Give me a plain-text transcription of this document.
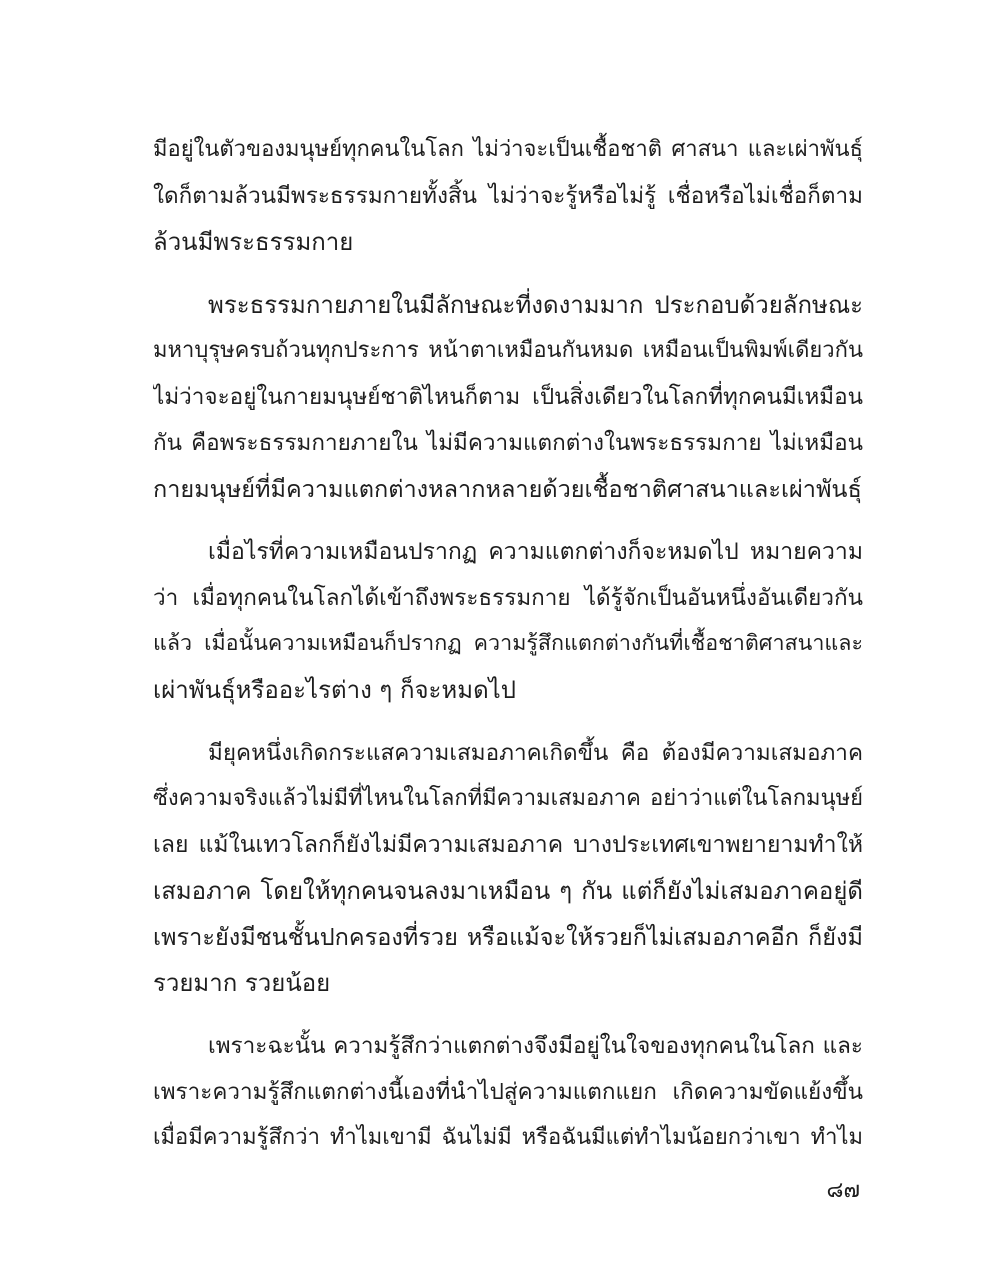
มีอยู่ในตัวของมนุษย์ทุกคนในโลก ไม่ว่าจะเป็นเชื้อชาติ ศาสนา และเผ่าพันธุ์
ใดก็ตามล้วนมีพระธรรมกายทั้งสิ้น ไม่ว่าจะรู้หรือไม่รู้ เชื่อหรือไม่เชื่อก็ตาม
ล้วนมีพระธรรมกาย
พระธรรมกายภายในมีลักษณะที่งดงามมาก ประกอบด้วยลักษณะ
มหาบุรุษครบถ้วนทุกประการ หน้าตาเหมือนกันหมด เหมือนเป็นพิมพ์เดียวกัน
ไม่ว่าจะอยู่ในกายมนุษย์ชาติไหนก็ตาม เป็นสิ่งเดียวในโลกที่ทุกคนมีเหมือน
กัน คือพระธรรมกายภายใน ไม่มีความแตกต่างในพระธรรมกาย ไม่เหมือน
กายมนุษย์ที่มีความแตกต่างหลากหลายด้วยเชื้อชาติศาสนาและเผ่าพันธุ์
เมื่อไรที่ความเหมือนปรากฏ ความแตกต่างก็จะหมดไป หมายความ
ว่า เมื่อทุกคนในโลกได้เข้าถึงพระธรรมกาย ได้รู้จักเป็นอันหนึ่งอันเดียวกัน
แล้ว เมื่อนั้นความเหมือนก็ปรากฏ ความรู้สึกแตกต่างกันที่เชื้อชาติศาสนาและ
เผ่าพันธุ์หรืออะไรต่าง ๆ ก็จะหมดไป
มียุคหนึ่งเกิดกระแสความเสมอภาคเกิดขึ้น คือ ต้องมีความเสมอภาค
ซึ่งความจริงแล้วไม่มีที่ไหนในโลกที่มีความเสมอภาค อย่าว่าแต่ในโลกมนุษย์
เลย แม้ในเทวโลกก็ยังไม่มีความเสมอภาค บางประเทศเขาพยายามทำให้
เสมอภาค โดยให้ทุกคนจนลงมาเหมือน ๆ กัน แต่ก็ยังไม่เสมอภาคอยู่ดี
เพราะยังมีชนชั้นปกครองที่รวย หรือแม้จะให้รวยก็ไม่เสมอภาคอีก ก็ยังมี
รวยมาก รวยน้อย
เพราะฉะนั้น ความรู้สึกว่าแตกต่างจึงมีอยู่ในใจของทุกคนในโลก และ
เพราะความรู้สึกแตกต่างนี้เองที่นำไปสู่ความแตกแยก เกิดความขัดแย้งขึ้น
เมื่อมีความรู้สึกว่า ทำไมเขามี ฉันไม่มี หรือฉันมีแต่ทำไมน้อยกว่าเขา ทำไม
๘๗
